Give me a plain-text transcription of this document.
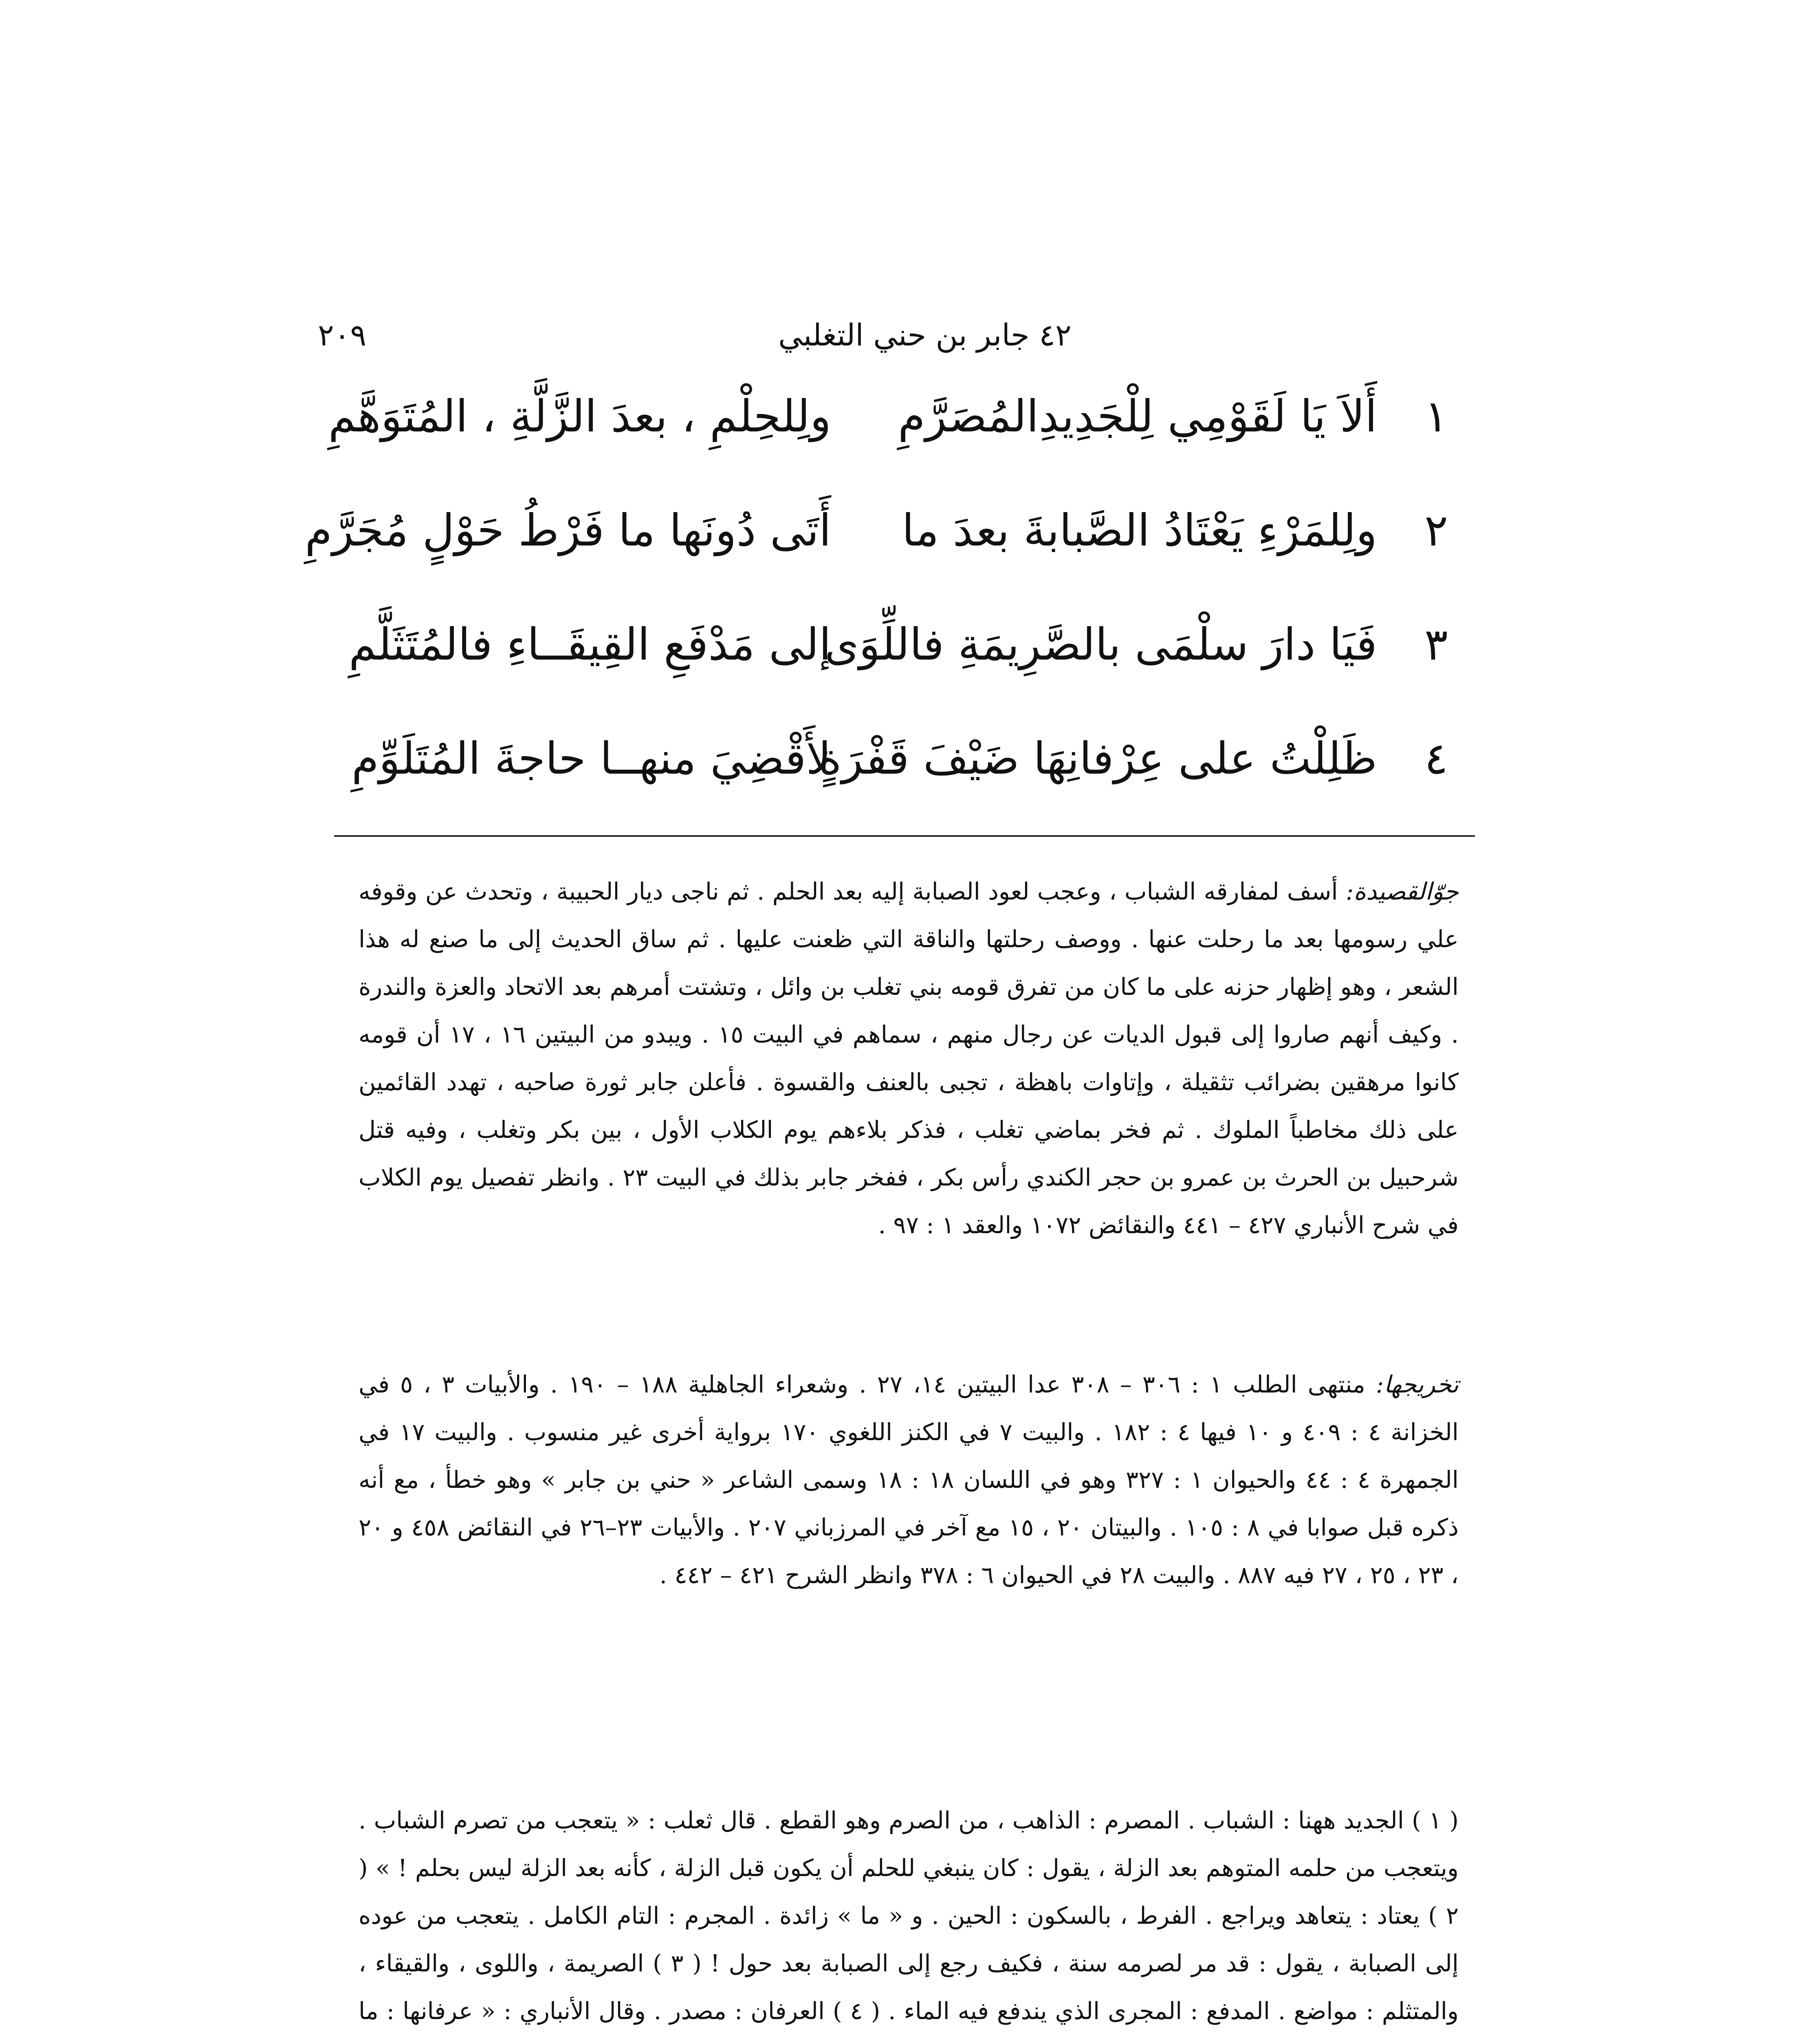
٤٢ جابر بن حني التغلبي
٢٠٩
١
أَلاَ يَا لَقَوْمِي لِلْجَدِيدِالمُصَرَّمِ
ولِلحِلْمِ ، بعدَ الزَّلَّةِ ، المُتَوَهَّمِ
٢
ولِلمَرْءِ يَعْتَادُ الصَّبابةَ بعدَ ما
أَتَى دُونَها ما فَرْطُ حَوْلٍ مُجَرَّمِ
٣
فَيَا دارَ سلْمَى بالصَّرِيمَةِ فاللِّوَى
إلى مَدْفَعِ القِيقَــاءِ فالمُتَثَلَّمِ
٤
ظَلِلْتُ على عِرْفانِهَا ضَيْفَ قَفْرَةٍ
لأَقْضِيَ منهــا حاجةَ المُتَلَوِّمِ

جوّالقصيدة: أسف لمفارقه الشباب ، وعجب لعود الصبابة إليه بعد الحلم . ثم ناجى ديار الحبيبة ، وتحدث عن وقوفه علي رسومها بعد ما رحلت عنها . ووصف رحلتها والناقة التي ظعنت عليها . ثم ساق الحديث إلى ما صنع له هذا الشعر ، وهو إظهار حزنه على ما كان من تفرق قومه بني تغلب بن وائل ، وتشتت أمرهم بعد الاتحاد والعزة والندرة . وكيف أنهم صاروا إلى قبول الديات عن رجال منهم ، سماهم في البيت ١٥ . ويبدو من البيتين ١٦ ، ١٧ أن قومه كانوا مرهقين بضرائب تثقيلة ، وإتاوات باهظة ، تجبى بالعنف والقسوة . فأعلن جابر ثورة صاحبه ، تهدد القائمين على ذلك مخاطباً الملوك . ثم فخر بماضي تغلب ، فذكر بلاءهم يوم الكلاب الأول ، بين بكر وتغلب ، وفيه قتل شرحبيل بن الحرث بن عمرو بن حجر الكندي رأس بكر ، ففخر جابر بذلك في البيت ٢٣ . وانظر تفصيل يوم الكلاب في شرح الأنباري ٤٢٧ – ٤٤١ والنقائض ١٠٧٢ والعقد ١ : ٩٧ .

تخريجها: منتهى الطلب ١ : ٣٠٦ – ٣٠٨ عدا البيتين ١٤، ٢٧ . وشعراء الجاهلية ١٨٨ – ١٩٠ . والأبيات ٣ ، ٥ في الخزانة ٤ : ٤٠٩ و ١٠ فيها ٤ : ١٨٢ . والبيت ٧ في الكنز اللغوي ١٧٠ برواية أخرى غير منسوب . والبيت ١٧ في الجمهرة ٤ : ٤٤ والحيوان ١ : ٣٢٧ وهو في اللسان ١٨ : ١٨ وسمى الشاعر « حني بن جابر » وهو خطأ ، مع أنه ذكره قبل صوابا في ٨ : ١٠٥ . والبيتان ٢٠ ، ١٥ مع آخر في المرزباني ٢٠٧ . والأبيات ٢٣–٢٦ في النقائض ٤٥٨ و ٢٠ ، ٢٣ ، ٢٥ ، ٢٧ فيه ٨٨٧ . والبيت ٢٨ في الحيوان ٦ : ٣٧٨ وانظر الشرح ٤٢١ – ٤٤٢ .

( ١ ) الجديد ههنا : الشباب . المصرم : الذاهب ، من الصرم وهو القطع . قال ثعلب : « يتعجب من تصرم الشباب . ويتعجب من حلمه المتوهم بعد الزلة ، يقول : كان ينبغي للحلم أن يكون قبل الزلة ، كأنه بعد الزلة ليس بحلم ! » ( ٢ ) يعتاد : يتعاهد ويراجع . الفرط ، بالسكون : الحين . و « ما » زائدة . المجرم : التام الكامل . يتعجب من عوده إلى الصبابة ، يقول : قد مر لصرمه سنة ، فكيف رجع إلى الصبابة بعد حول ! ( ٣ ) الصريمة ، واللوى ، والقيقاء ، والمتثلم : مواضع . المدفع : المجرى الذي يندفع فيه الماء . ( ٤ ) العرفان : مصدر . وقال الأنباري : « عرفانها : ما
